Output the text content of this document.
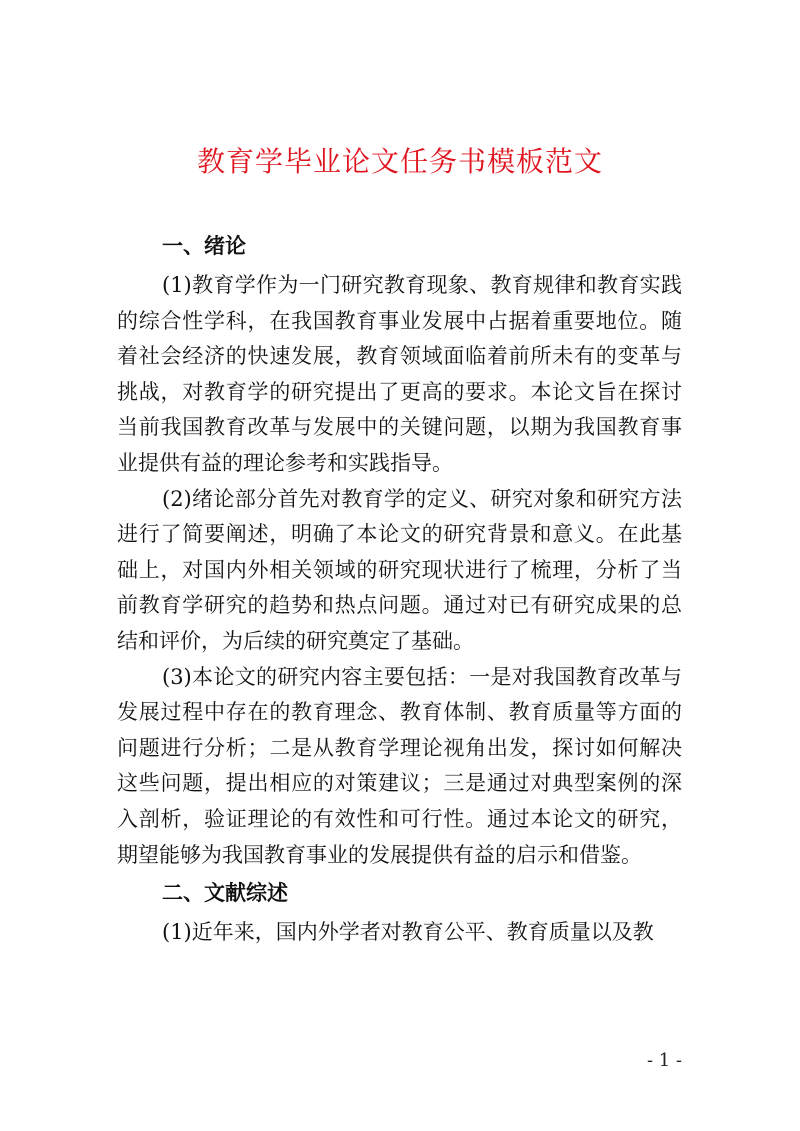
教育学毕业论文任务书模板范文

一、绪论

(1)教育学作为一门研究教育现象、教育规律和教育实践的综合性学科，在我国教育事业发展中占据着重要地位。随着社会经济的快速发展，教育领域面临着前所未有的变革与挑战，对教育学的研究提出了更高的要求。本论文旨在探讨当前我国教育改革与发展中的关键问题，以期为我国教育事业提供有益的理论参考和实践指导。

(2)绪论部分首先对教育学的定义、研究对象和研究方法进行了简要阐述，明确了本论文的研究背景和意义。在此基础上，对国内外相关领域的研究现状进行了梳理，分析了当前教育学研究的趋势和热点问题。通过对已有研究成果的总结和评价，为后续的研究奠定了基础。

(3)本论文的研究内容主要包括：一是对我国教育改革与发展过程中存在的教育理念、教育体制、教育质量等方面的问题进行分析；二是从教育学理论视角出发，探讨如何解决这些问题，提出相应的对策建议；三是通过对典型案例的深入剖析，验证理论的有效性和可行性。通过本论文的研究，期望能够为我国教育事业的发展提供有益的启示和借鉴。

二、文献综述

(1)近年来，国内外学者对教育公平、教育质量以及教

- 1 -
